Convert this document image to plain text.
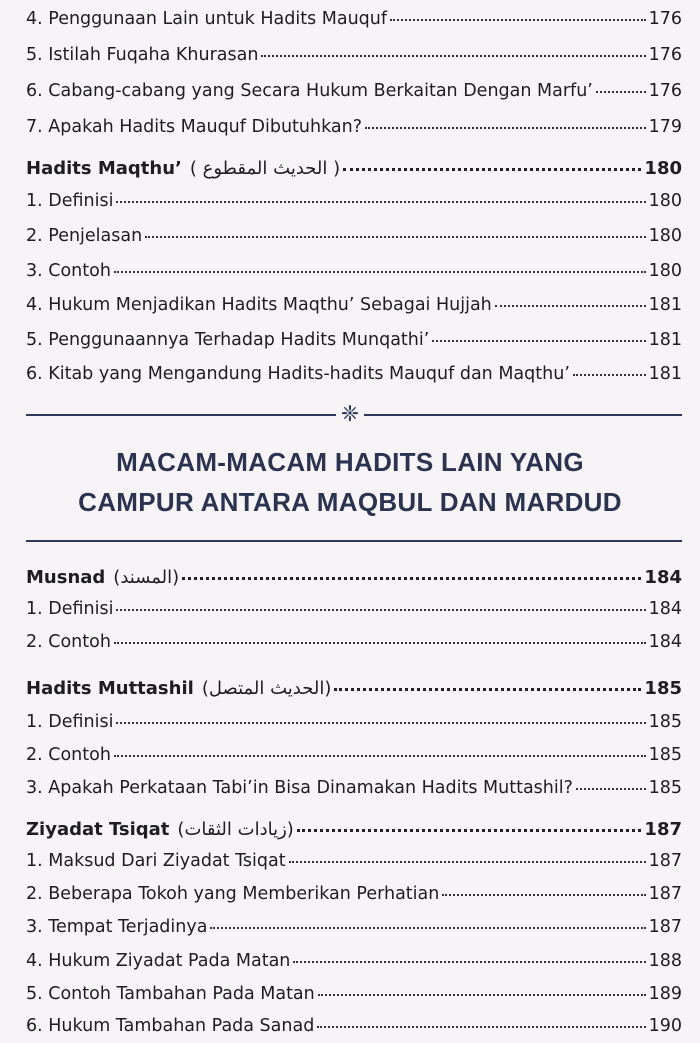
4. Penggunaan Lain untuk Hadits Mauquf	176
5. Istilah Fuqaha Khurasan	176
6. Cabang-cabang yang Secara Hukum Berkaitan Dengan Marfu’	176
7. Apakah Hadits Mauquf Dibutuhkan?	179
Hadits Maqthu’ ( الحديث المقطوع )	180
1. Definisi	180
2. Penjelasan	180
3. Contoh	180
4. Hukum Menjadikan Hadits Maqthu’ Sebagai Hujjah	181
5. Penggunaannya Terhadap Hadits Munqathi’	181
6. Kitab yang Mengandung Hadits-hadits Mauquf dan Maqthu’	181
❈
MACAM-MACAM HADITS LAIN YANG
CAMPUR ANTARA MAQBUL DAN MARDUD
Musnad (المسند)	184
1. Definisi	184
2. Contoh	184
Hadits Muttashil (الحديث المتصل)	185
1. Definisi	185
2. Contoh	185
3. Apakah Perkataan Tabi’in Bisa Dinamakan Hadits Muttashil?	185
Ziyadat Tsiqat (زيادات الثقات)	187
1. Maksud Dari Ziyadat Tsiqat	187
2. Beberapa Tokoh yang Memberikan Perhatian	187
3. Tempat Terjadinya	187
4. Hukum Ziyadat Pada Matan	188
5. Contoh Tambahan Pada Matan	189
6. Hukum Tambahan Pada Sanad	190
